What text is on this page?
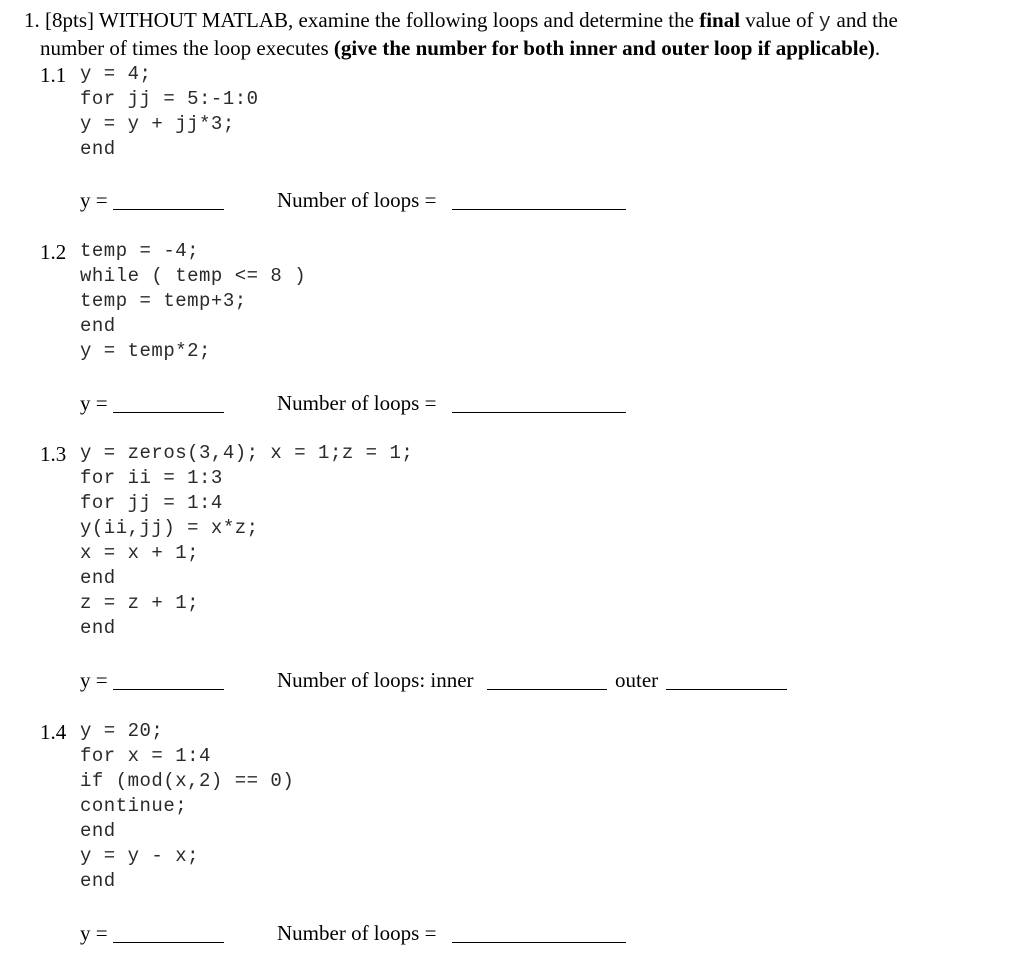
1. [8pts] WITHOUT MATLAB, examine the following loops and determine the final value of y and the
number of times the loop executes (give the number for both inner and outer loop if applicable).
1.1 y = 4;
for jj = 5:-1:0
y = y + jj*3;
end
y =	Number of loops =
1.2 temp = -4;
while ( temp <= 8 )
temp = temp+3;
end
y = temp*2;
y =	Number of loops =
1.3 y = zeros(3,4); x = 1;z = 1;
for ii = 1:3
for jj = 1:4
y(ii,jj) = x*z;
x = x + 1;
end
z = z + 1;
end
y =	Number of loops: inner	outer
1.4 y = 20;
for x = 1:4
if (mod(x,2) == 0)
continue;
end
y = y - x;
end
y =	Number of loops =
